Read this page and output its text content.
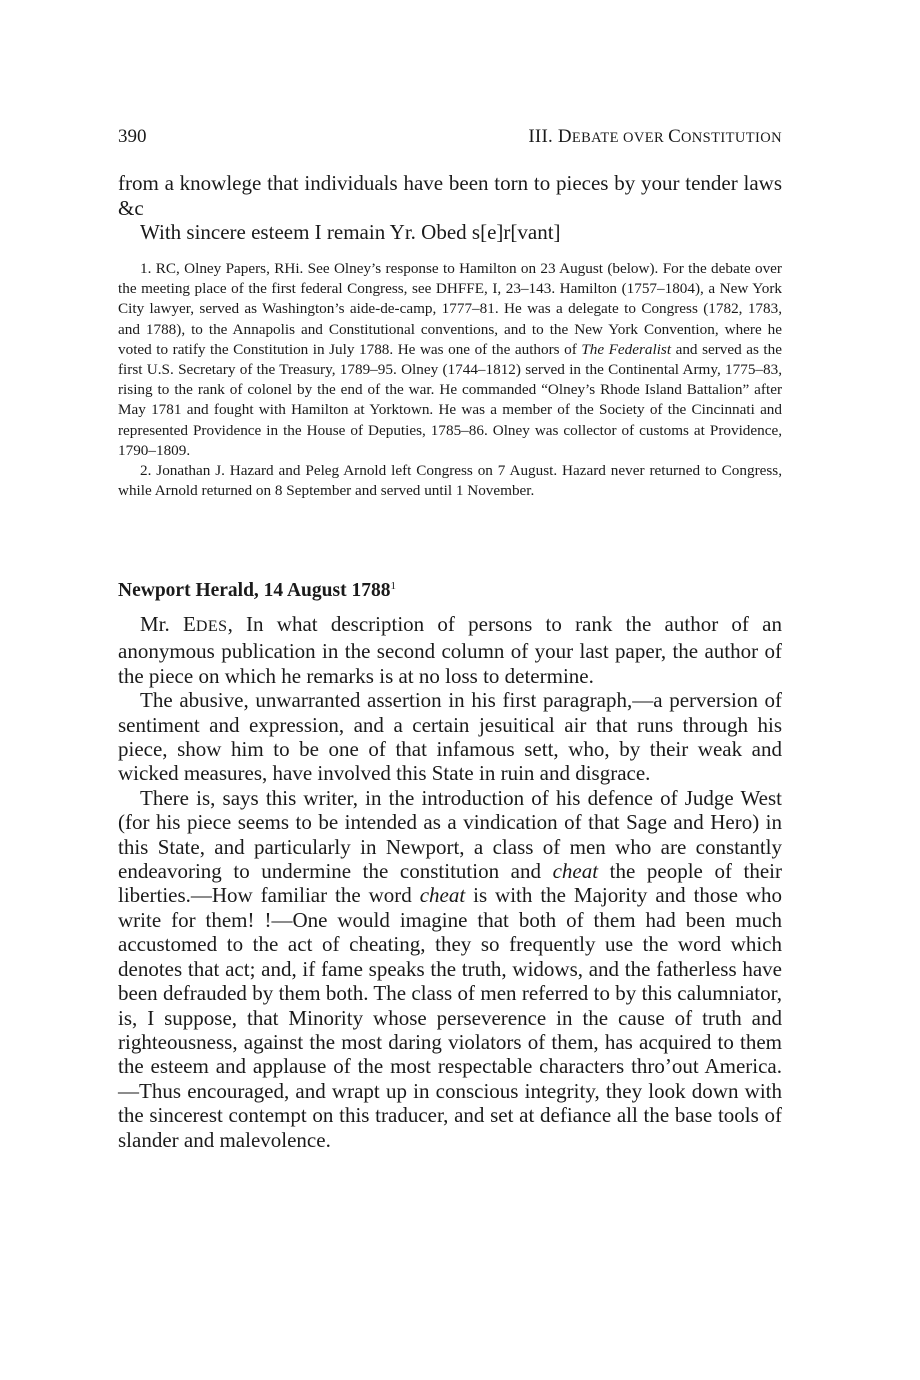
390	III. DEBATE OVER CONSTITUTION

from a knowlege that individuals have been torn to pieces by your tender laws &c

With sincere esteem I remain Yr. Obed s[e]r[vant]

1. RC, Olney Papers, RHi. See Olney’s response to Hamilton on 23 August (below). For the debate over the meeting place of the first federal Congress, see DHFFE, I, 23–143. Hamilton (1757–1804), a New York City lawyer, served as Washington’s aide-de-camp, 1777–81. He was a delegate to Congress (1782, 1783, and 1788), to the Annapolis and Constitutional conventions, and to the New York Convention, where he voted to ratify the Constitution in July 1788. He was one of the authors of The Federalist and served as the first U.S. Secretary of the Treasury, 1789–95. Olney (1744–1812) served in the Continental Army, 1775–83, rising to the rank of colonel by the end of the war. He commanded “Olney’s Rhode Island Battalion” after May 1781 and fought with Hamilton at Yorktown. He was a member of the Society of the Cincinnati and represented Providence in the House of Deputies, 1785–86. Olney was collector of customs at Providence, 1790–1809.

2. Jonathan J. Hazard and Peleg Arnold left Congress on 7 August. Hazard never returned to Congress, while Arnold returned on 8 September and served until 1 November.

Newport Herald, 14 August 1788$^1$

Mr. EDES, In what description of persons to rank the author of an anonymous publication in the second column of your last paper, the author of the piece on which he remarks is at no loss to determine.

The abusive, unwarranted assertion in his first paragraph,—a perversion of sentiment and expression, and a certain jesuitical air that runs through his piece, show him to be one of that infamous sett, who, by their weak and wicked measures, have involved this State in ruin and disgrace.

There is, says this writer, in the introduction of his defence of Judge West (for his piece seems to be intended as a vindication of that Sage and Hero) in this State, and particularly in Newport, a class of men who are constantly endeavoring to undermine the constitution and cheat the people of their liberties.—How familiar the word cheat is with the Majority and those who write for them! !—One would imagine that both of them had been much accustomed to the act of cheating, they so frequently use the word which denotes that act; and, if fame speaks the truth, widows, and the fatherless have been defrauded by them both. The class of men referred to by this calumniator, is, I suppose, that Minority whose perseverence in the cause of truth and righteousness, against the most daring violators of them, has acquired to them the esteem and applause of the most respectable characters thro’out America.—Thus encouraged, and wrapt up in conscious integrity, they look down with the sincerest contempt on this traducer, and set at defiance all the base tools of slander and malevolence.
